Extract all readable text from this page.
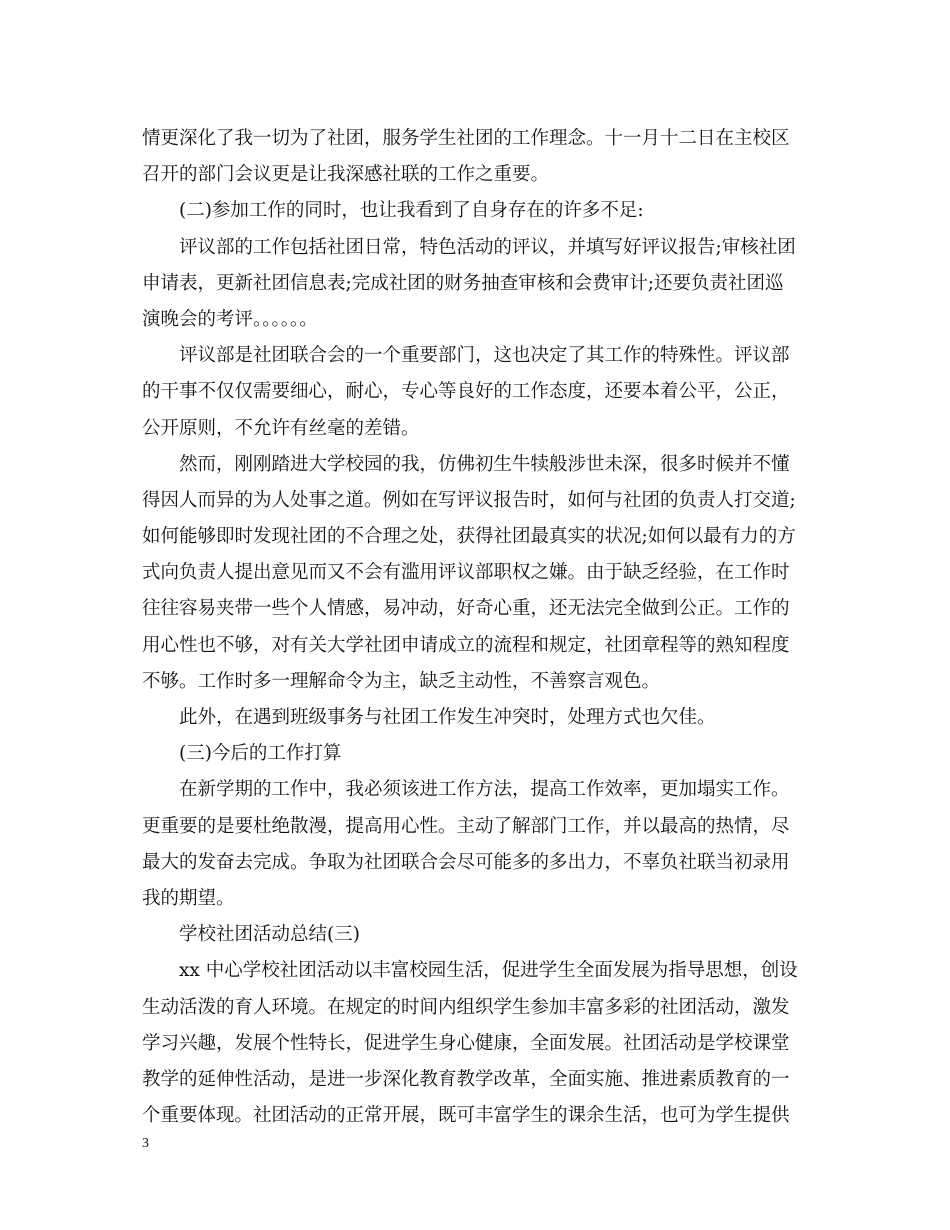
情更深化了我一切为了社团，服务学生社团的工作理念。十一月十二日在主校区
召开的部门会议更是让我深感社联的工作之重要。
(二)参加工作的同时，也让我看到了自身存在的许多不足:
评议部的工作包括社团日常，特色活动的评议，并填写好评议报告;审核社团
申请表，更新社团信息表;完成社团的财务抽查审核和会费审计;还要负责社团巡
演晚会的考评。。。。。。
评议部是社团联合会的一个重要部门，这也决定了其工作的特殊性。评议部
的干事不仅仅需要细心，耐心，专心等良好的工作态度，还要本着公平，公正，
公开原则，不允许有丝毫的差错。
然而，刚刚踏进大学校园的我，仿佛初生牛犊般涉世未深，很多时候并不懂
得因人而异的为人处事之道。例如在写评议报告时，如何与社团的负责人打交道;
如何能够即时发现社团的不合理之处，获得社团最真实的状况;如何以最有力的方
式向负责人提出意见而又不会有滥用评议部职权之嫌。由于缺乏经验，在工作时
往往容易夹带一些个人情感，易冲动，好奇心重，还无法完全做到公正。工作的
用心性也不够，对有关大学社团申请成立的流程和规定，社团章程等的熟知程度
不够。工作时多一理解命令为主，缺乏主动性，不善察言观色。
此外，在遇到班级事务与社团工作发生冲突时，处理方式也欠佳。
(三)今后的工作打算
在新学期的工作中，我必须该进工作方法，提高工作效率，更加塌实工作。
更重要的是要杜绝散漫，提高用心性。主动了解部门工作，并以最高的热情，尽
最大的发奋去完成。争取为社团联合会尽可能多的多出力，不辜负社联当初录用
我的期望。
学校社团活动总结(三)
xx 中心学校社团活动以丰富校园生活，促进学生全面发展为指导思想，创设
生动活泼的育人环境。在规定的时间内组织学生参加丰富多彩的社团活动，激发
学习兴趣，发展个性特长，促进学生身心健康，全面发展。社团活动是学校课堂
教学的延伸性活动，是进一步深化教育教学改革，全面实施、推进素质教育的一
个重要体现。社团活动的正常开展，既可丰富学生的课余生活，也可为学生提供
3
